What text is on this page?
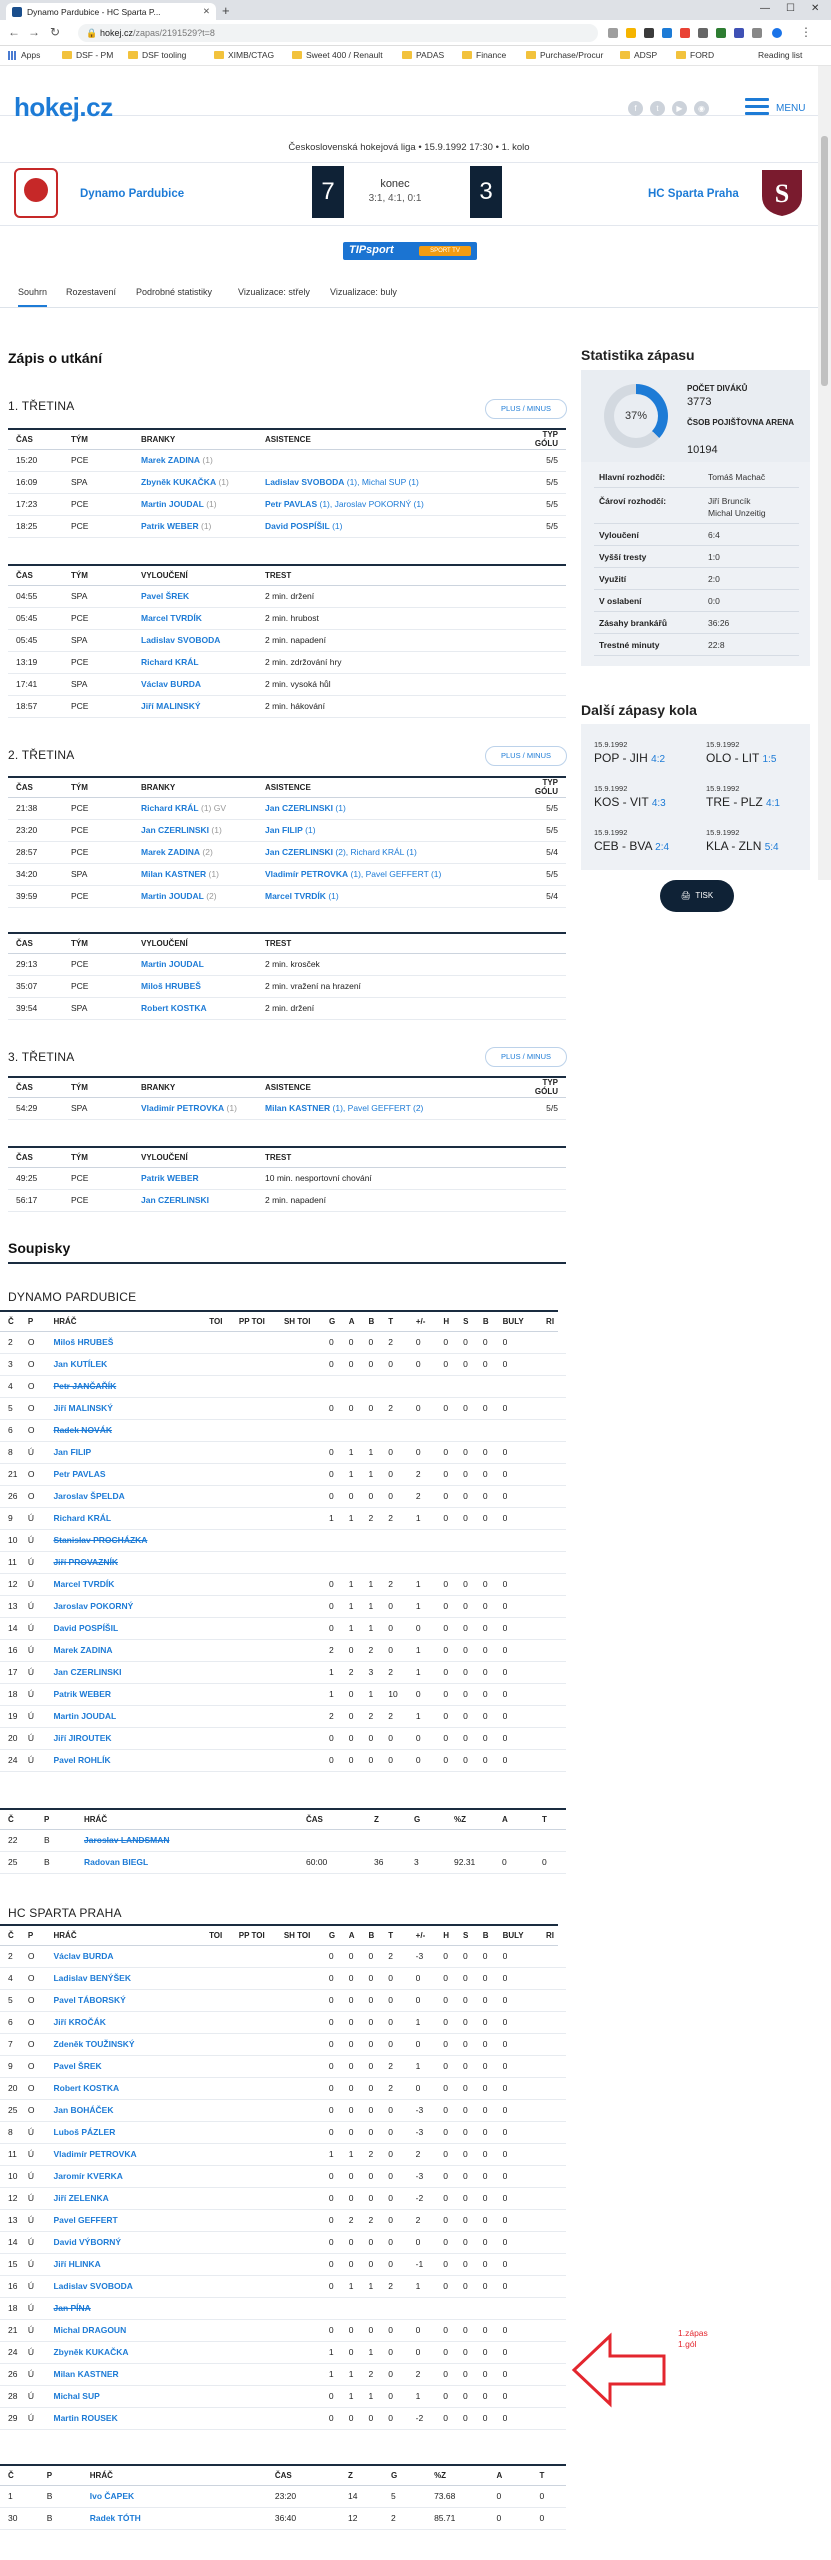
Dynamo Pardubice - HC Sparta P...	✕ +	— ☐ ✕
← → ↻	🔒 hokej.cz/zapas/2191529?t=8	⋮
Apps	DSF - PM	DSF tooling	XIMB/CTAG	Sweet 400 / Renault	PADAS	Finance	Purchase/Procur	ADSP	FORD	Reading list
hokej.cz	f	t	▶	◉	MENU
Československá hokejová liga • 15.9.1992 17:30 • 1. kolo
Dynamo Pardubice	7	konec
3:1, 4:1, 0:1	3	HC Sparta Praha S
TIPsport	SPORT TV
Souhrn Rozestavení Podrobné statistiky	Vizualizace: střely Vizualizace: buly
Zápis o utkání
1. TŘETINA	PLUS / MINUS
ČAS	TÝM	BRANKY	ASISTENCE	TYP GÓLU
15:20	PCE	Marek ZADINA (1)		5/5
16:09	SPA	Zbyněk KUKAČKA (1)	Ladislav SVOBODA (1), Michal SUP (1)	5/5
17:23	PCE	Martin JOUDAL (1)	Petr PAVLAS (1), Jaroslav POKORNÝ (1)	5/5
18:25	PCE	Patrik WEBER (1)	David POSPÍŠIL (1)	5/5
ČAS	TÝM	VYLOUČENÍ	TREST
04:55	SPA	Pavel ŠREK	2 min. držení
05:45	PCE	Marcel TVRDÍK	2 min. hrubost
05:45	SPA	Ladislav SVOBODA	2 min. napadení
13:19	PCE	Richard KRÁL	2 min. zdržování hry
17:41	SPA	Václav BURDA	2 min. vysoká hůl
18:57	PCE	Jiří MALINSKÝ	2 min. hákování
2. TŘETINA	PLUS / MINUS
ČAS	TÝM	BRANKY	ASISTENCE	TYP GÓLU
21:38	PCE	Richard KRÁL (1) GV	Jan CZERLINSKI (1)	5/5
23:20	PCE	Jan CZERLINSKI (1)	Jan FILIP (1)	5/5
28:57	PCE	Marek ZADINA (2)	Jan CZERLINSKI (2), Richard KRÁL (1)	5/4
34:20	SPA	Milan KASTNER (1)	Vladimír PETROVKA (1), Pavel GEFFERT (1)	5/5
39:59	PCE	Martin JOUDAL (2)	Marcel TVRDÍK (1)	5/4
ČAS	TÝM	VYLOUČENÍ	TREST
29:13	PCE	Martin JOUDAL	2 min. krosček
35:07	PCE	Miloš HRUBEŠ	2 min. vražení na hrazení
39:54	SPA	Robert KOSTKA	2 min. držení
3. TŘETINA	PLUS / MINUS
ČAS	TÝM	BRANKY	ASISTENCE	TYP GÓLU
54:29	SPA	Vladimír PETROVKA (1)	Milan KASTNER (1), Pavel GEFFERT (2)	5/5
ČAS	TÝM	VYLOUČENÍ	TREST
49:25	PCE	Patrik WEBER	10 min. nesportovní chování
56:17	PCE	Jan CZERLINSKI	2 min. napadení
Soupisky
DYNAMO PARDUBICE
Č	P	HRÁČ	TOI	PP TOI	SH TOI	G	A	B	T	+/-	H	S	B	BULY	RI	
2	O	Miloš HRUBEŠ				0	0	0	2	0	0	0	0	0		
3	O	Jan KUTÍLEK				0	0	0	0	0	0	0	0	0		
4	O	Petr JANČAŘÍK														
5	O	Jiří MALINSKÝ				0	0	0	2	0	0	0	0	0		
6	O	Radek NOVÁK														
8	Ú	Jan FILIP				0	1	1	0	0	0	0	0	0		
21	O	Petr PAVLAS				0	1	1	0	2	0	0	0	0		
26	O	Jaroslav ŠPELDA				0	0	0	0	2	0	0	0	0		
9	Ú	Richard KRÁL				1	1	2	2	1	0	0	0	0		
10	Ú	Stanislav PROCHÁZKA														
11	Ú	Jiří PROVAZNÍK														
12	Ú	Marcel TVRDÍK				0	1	1	2	1	0	0	0	0		
13	Ú	Jaroslav POKORNÝ				0	1	1	0	1	0	0	0	0		
14	Ú	David POSPÍŠIL				0	1	1	0	0	0	0	0	0		
16	Ú	Marek ZADINA				2	0	2	0	1	0	0	0	0		
17	Ú	Jan CZERLINSKI				1	2	3	2	1	0	0	0	0		
18	Ú	Patrik WEBER				1	0	1	10	0	0	0	0	0		
19	Ú	Martin JOUDAL				2	0	2	2	1	0	0	0	0		
20	Ú	Jiří JIROUTEK				0	0	0	0	0	0	0	0	0		
24	Ú	Pavel ROHLÍK				0	0	0	0	0	0	0	0	0		
Č	P	HRÁČ	ČAS	Z	G	%Z	A	T
22	B	Jaroslav LANDSMAN						
25	B	Radovan BIEGL	60:00	36	3	92.31	0	0
HC SPARTA PRAHA
Č	P	HRÁČ	TOI	PP TOI	SH TOI	G	A	B	T	+/-	H	S	B	BULY	RI	
2	O	Václav BURDA				0	0	0	2	-3	0	0	0	0		
4	O	Ladislav BENÝŠEK				0	0	0	0	0	0	0	0	0		
5	O	Pavel TÁBORSKÝ				0	0	0	0	0	0	0	0	0		
6	O	Jiří KROČÁK				0	0	0	0	1	0	0	0	0		
7	O	Zdeněk TOUŽINSKÝ				0	0	0	0	0	0	0	0	0		
9	O	Pavel ŠREK				0	0	0	2	1	0	0	0	0		
20	O	Robert KOSTKA				0	0	0	2	0	0	0	0	0		
25	O	Jan BOHÁČEK				0	0	0	0	-3	0	0	0	0		
8	Ú	Luboš PÁZLER				0	0	0	0	-3	0	0	0	0		
11	Ú	Vladimír PETROVKA				1	1	2	0	2	0	0	0	0		
10	Ú	Jaromír KVERKA				0	0	0	0	-3	0	0	0	0		
12	Ú	Jiří ZELENKA				0	0	0	0	-2	0	0	0	0		
13	Ú	Pavel GEFFERT				0	2	2	0	2	0	0	0	0		
14	Ú	David VÝBORNÝ				0	0	0	0	0	0	0	0	0		
15	Ú	Jiří HLINKA				0	0	0	0	-1	0	0	0	0		
16	Ú	Ladislav SVOBODA				0	1	1	2	1	0	0	0	0		
18	Ú	Jan PÍNA														
21	Ú	Michal DRAGOUN				0	0	0	0	0	0	0	0	0		
24	Ú	Zbyněk KUKAČKA				1	0	1	0	0	0	0	0	0		
26	Ú	Milan KASTNER				1	1	2	0	2	0	0	0	0		
28	Ú	Michal SUP				0	1	1	0	1	0	0	0	0		
29	Ú	Martin ROUSEK				0	0	0	0	-2	0	0	0	0		
Č	P	HRÁČ	ČAS	Z	G	%Z	A	T
1	B	Ivo ČAPEK	23:20	14	5	73.68	0	0
30	B	Radek TÓTH	36:40	12	2	85.71	0	0
Statistika zápasu
37%
POČET DIVÁKŮ
3773
ČSOB POJIŠŤOVNA ARENA
10194
Hlavní rozhodčí:	Tomáš Machač
Čároví rozhodčí:	Jiří Bruncík
Michal Unzeitig
Vyloučení	6:4
Vyšší tresty	1:0
Využití	2:0
V oslabení	0:0
Zásahy brankářů	36:26
Trestné minuty	22:8
Další zápasy kola
15.9.1992
POP - JIH 4:2
15.9.1992
OLO - LIT 1:5
15.9.1992
KOS - VIT 4:3
15.9.1992
TRE - PLZ 4:1
15.9.1992
CEB - BVA 2:4
15.9.1992
KLA - ZLN 5:4
🖨 TISK
1.zápas
1.gól
